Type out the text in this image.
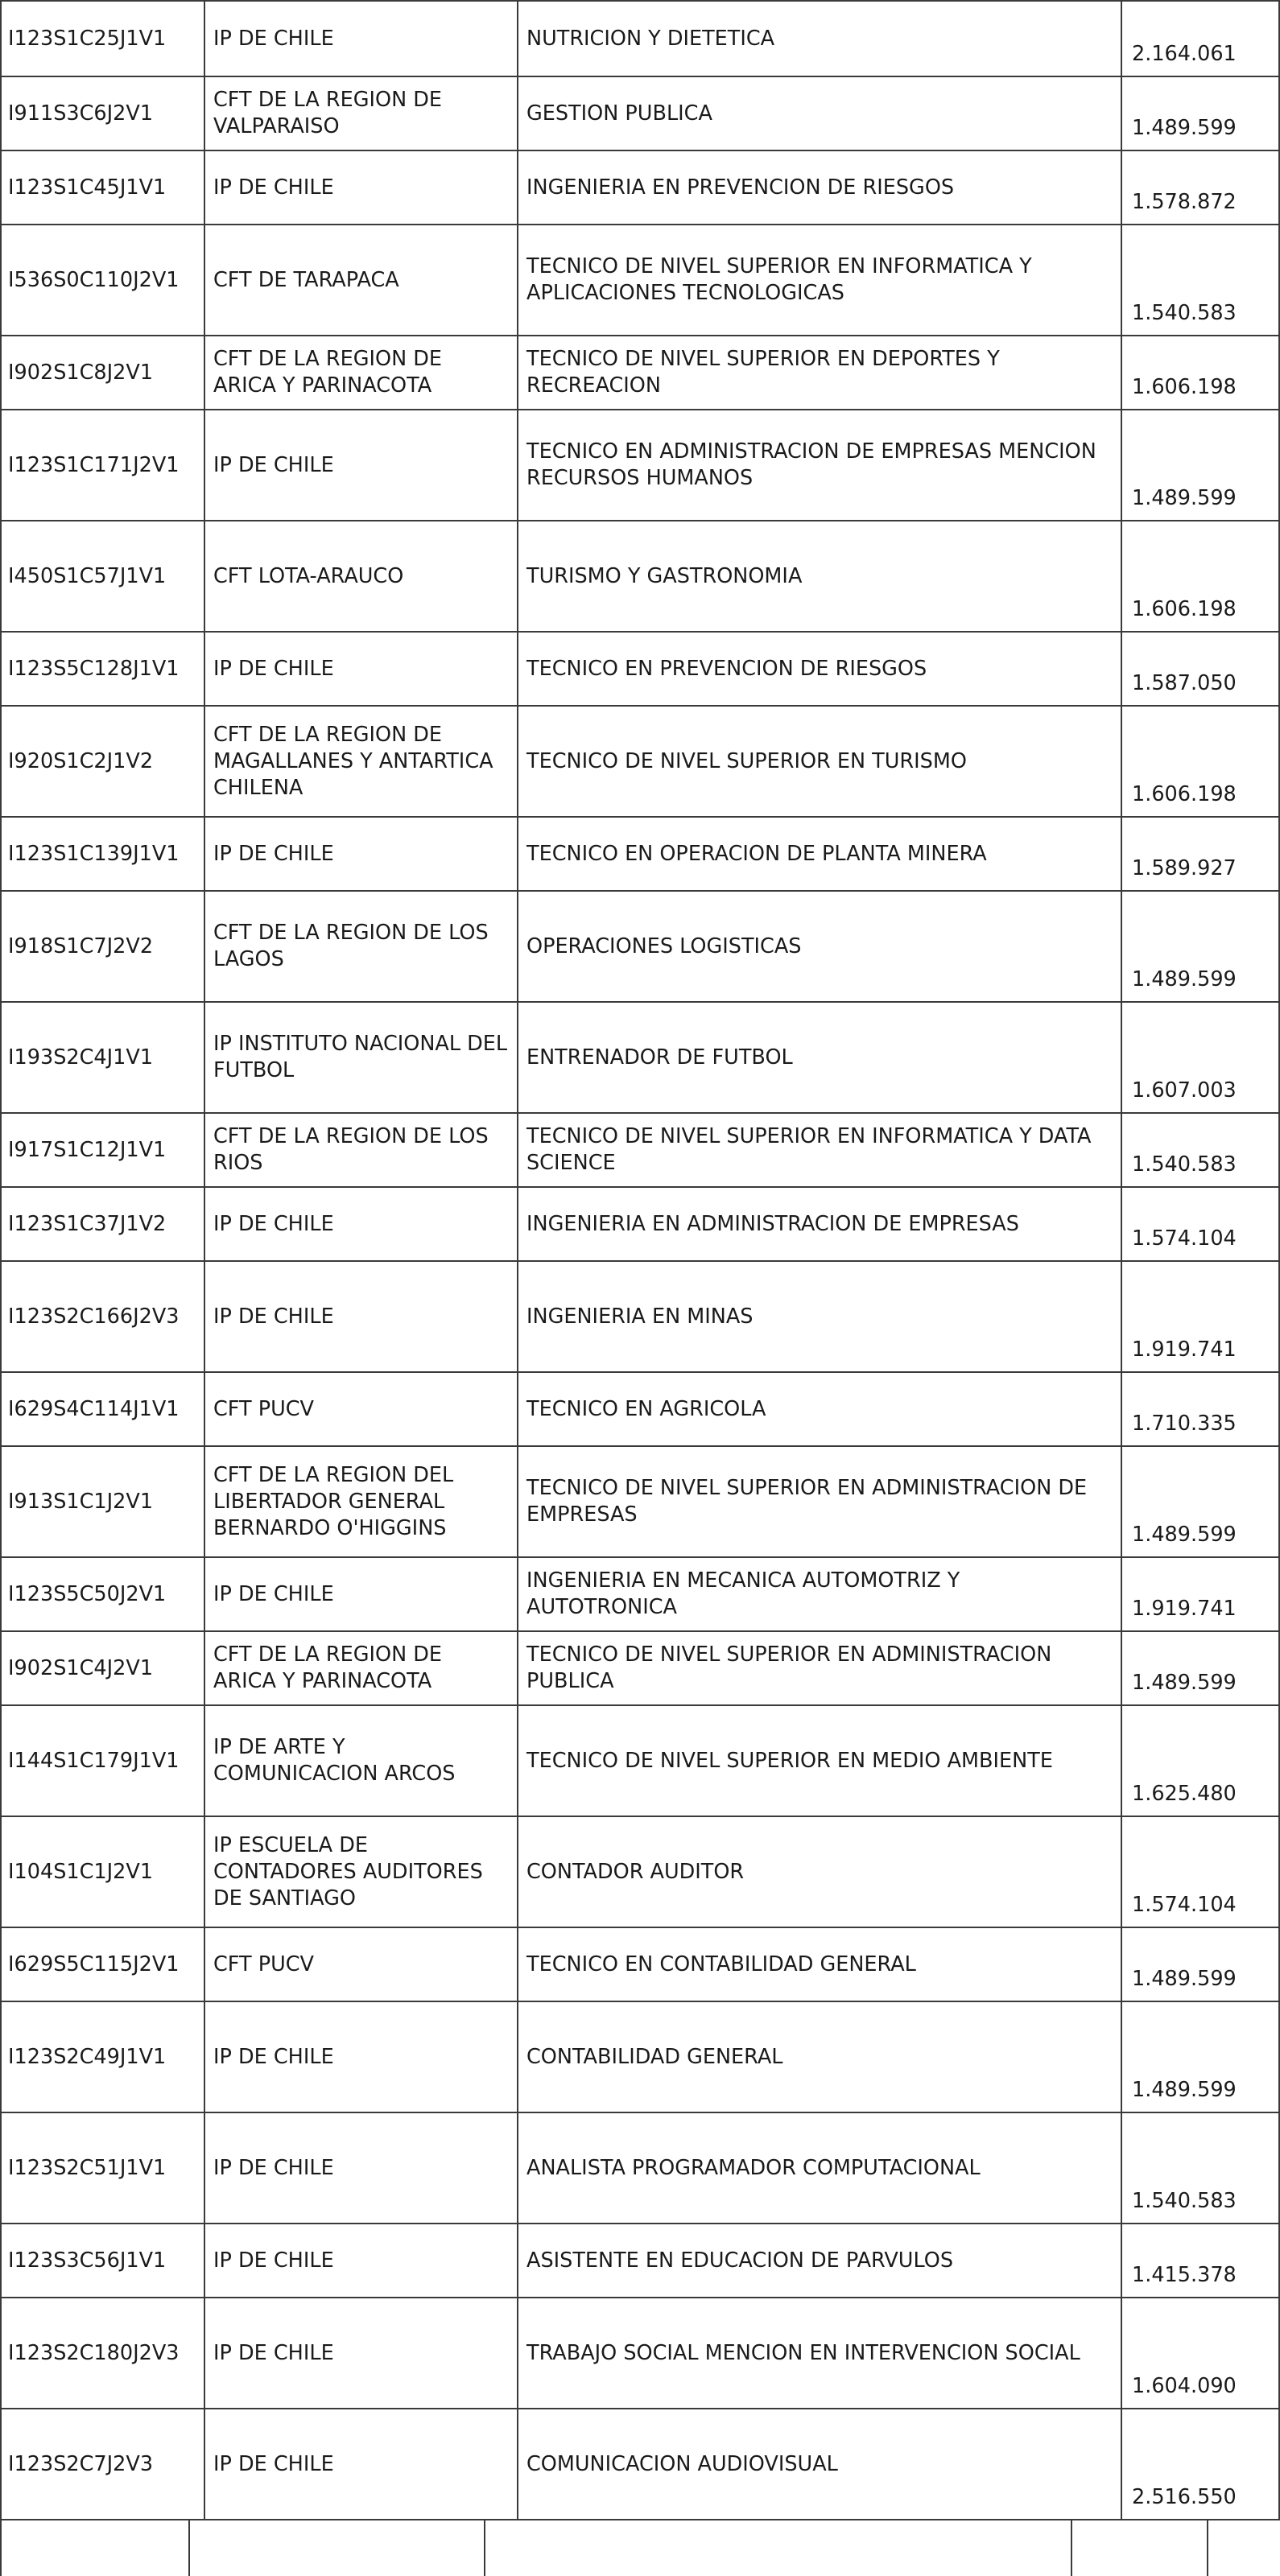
I123S1C25J1V1	IP DE CHILE	NUTRICION Y DIETETICA	2.164.061
I911S3C6J2V1	CFT DE LA REGION DE VALPARAISO	GESTION PUBLICA	1.489.599
I123S1C45J1V1	IP DE CHILE	INGENIERIA EN PREVENCION DE RIESGOS	1.578.872
I536S0C110J2V1	CFT DE TARAPACA	TECNICO DE NIVEL SUPERIOR EN INFORMATICA Y APLICACIONES TECNOLOGICAS	1.540.583
I902S1C8J2V1	CFT DE LA REGION DE ARICA Y PARINACOTA	TECNICO DE NIVEL SUPERIOR EN DEPORTES Y RECREACION	1.606.198
I123S1C171J2V1	IP DE CHILE	TECNICO EN ADMINISTRACION DE EMPRESAS MENCION RECURSOS HUMANOS	1.489.599
I450S1C57J1V1	CFT LOTA-ARAUCO	TURISMO Y GASTRONOMIA	1.606.198
I123S5C128J1V1	IP DE CHILE	TECNICO EN PREVENCION DE RIESGOS	1.587.050
I920S1C2J1V2	CFT DE LA REGION DE MAGALLANES Y ANTARTICA CHILENA	TECNICO DE NIVEL SUPERIOR EN TURISMO	1.606.198
I123S1C139J1V1	IP DE CHILE	TECNICO EN OPERACION DE PLANTA MINERA	1.589.927
I918S1C7J2V2	CFT DE LA REGION DE LOS LAGOS	OPERACIONES LOGISTICAS	1.489.599
I193S2C4J1V1	IP INSTITUTO NACIONAL DEL FUTBOL	ENTRENADOR DE FUTBOL	1.607.003
I917S1C12J1V1	CFT DE LA REGION DE LOS RIOS	TECNICO DE NIVEL SUPERIOR EN INFORMATICA Y DATA SCIENCE	1.540.583
I123S1C37J1V2	IP DE CHILE	INGENIERIA EN ADMINISTRACION DE EMPRESAS	1.574.104
I123S2C166J2V3	IP DE CHILE	INGENIERIA EN MINAS	1.919.741
I629S4C114J1V1	CFT PUCV	TECNICO EN AGRICOLA	1.710.335
I913S1C1J2V1	CFT DE LA REGION DEL LIBERTADOR GENERAL BERNARDO O'HIGGINS	TECNICO DE NIVEL SUPERIOR EN ADMINISTRACION DE EMPRESAS	1.489.599
I123S5C50J2V1	IP DE CHILE	INGENIERIA EN MECANICA AUTOMOTRIZ Y AUTOTRONICA	1.919.741
I902S1C4J2V1	CFT DE LA REGION DE ARICA Y PARINACOTA	TECNICO DE NIVEL SUPERIOR EN ADMINISTRACION PUBLICA	1.489.599
I144S1C179J1V1	IP DE ARTE Y COMUNICACION ARCOS	TECNICO DE NIVEL SUPERIOR EN MEDIO AMBIENTE	1.625.480
I104S1C1J2V1	IP ESCUELA DE CONTADORES AUDITORES DE SANTIAGO	CONTADOR AUDITOR	1.574.104
I629S5C115J2V1	CFT PUCV	TECNICO EN CONTABILIDAD GENERAL	1.489.599
I123S2C49J1V1	IP DE CHILE	CONTABILIDAD GENERAL	1.489.599
I123S2C51J1V1	IP DE CHILE	ANALISTA PROGRAMADOR COMPUTACIONAL	1.540.583
I123S3C56J1V1	IP DE CHILE	ASISTENTE EN EDUCACION DE PARVULOS	1.415.378
I123S2C180J2V3	IP DE CHILE	TRABAJO SOCIAL MENCION EN INTERVENCION SOCIAL	1.604.090
I123S2C7J2V3	IP DE CHILE	COMUNICACION AUDIOVISUAL	2.516.550
